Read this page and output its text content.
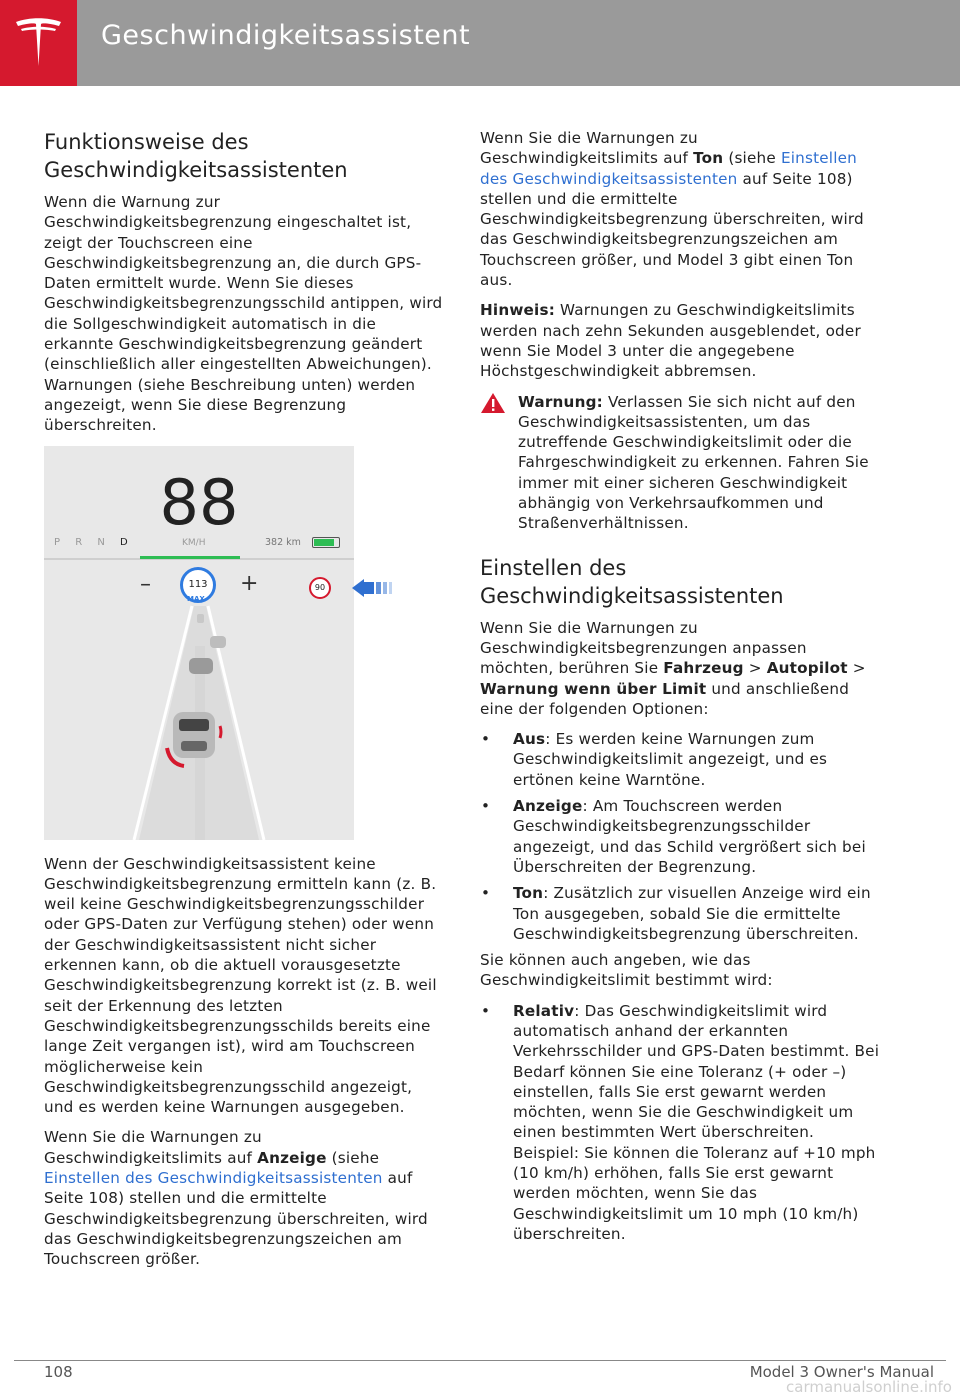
Geschwindigkeitsassistent
Funktionsweise des Geschwindigkeitsassistenten

Wenn die Warnung zur Geschwindigkeitsbegrenzung eingeschaltet ist, zeigt der Touchscreen eine Geschwindigkeitsbegrenzung an, die durch GPS-Daten ermittelt wurde. Wenn Sie dieses Geschwindigkeitsbegrenzungsschild antippen, wird die Sollgeschwindigkeit automatisch in die erkannte Geschwindigkeitsbegrenzung geändert (einschließlich aller eingestellten Abweichungen). Warnungen (siehe Beschreibung unten) werden angezeigt, wenn Sie diese Begrenzung überschreiten.

88
P R N D	KM/H	382 km
–	113
MAX
+	90

Wenn der Geschwindigkeitsassistent keine Geschwindigkeitsbegrenzung ermitteln kann (z. B. weil keine Geschwindigkeitsbegrenzungsschilder oder GPS-Daten zur Verfügung stehen) oder wenn der Geschwindigkeitsassistent nicht sicher erkennen kann, ob die aktuell vorausgesetzte Geschwindigkeitsbegrenzung korrekt ist (z. B. weil seit der Erkennung des letzten Geschwindigkeitsbegrenzungsschilds bereits eine lange Zeit vergangen ist), wird am Touchscreen möglicherweise kein Geschwindigkeitsbegrenzungsschild angezeigt, und es werden keine Warnungen ausgegeben.

Wenn Sie die Warnungen zu Geschwindigkeitslimits auf Anzeige (siehe Einstellen des Geschwindigkeitsassistenten auf Seite 108) stellen und die ermittelte Geschwindigkeitsbegrenzung überschreiten, wird das Geschwindigkeitsbegrenzungszeichen am Touchscreen größer.

Wenn Sie die Warnungen zu Geschwindigkeitslimits auf Ton (siehe Einstellen des Geschwindigkeitsassistenten auf Seite 108) stellen und die ermittelte Geschwindigkeitsbegrenzung überschreiten, wird das Geschwindigkeitsbegrenzungszeichen am Touchscreen größer, und Model 3 gibt einen Ton aus.

Hinweis: Warnungen zu Geschwindigkeitslimits werden nach zehn Sekunden ausgeblendet, oder wenn Sie Model 3 unter die angegebene Höchstgeschwindigkeit abbremsen.

Warnung: Verlassen Sie sich nicht auf den Geschwindigkeitsassistenten, um das zutreffende Geschwindigkeitslimit oder die Fahrgeschwindigkeit zu erkennen. Fahren Sie immer mit einer sicheren Geschwindigkeit abhängig von Verkehrsaufkommen und Straßenverhältnissen.

Einstellen des Geschwindigkeitsassistenten

Wenn Sie die Warnungen zu Geschwindigkeitsbegrenzungen anpassen möchten, berühren Sie Fahrzeug > Autopilot > Warnung wenn über Limit und anschließend eine der folgenden Optionen:

• Aus: Es werden keine Warnungen zum Geschwindigkeitslimit angezeigt, und es ertönen keine Warntöne.
• Anzeige: Am Touchscreen werden Geschwindigkeitsbegrenzungsschilder angezeigt, und das Schild vergrößert sich bei Überschreiten der Begrenzung.
• Ton: Zusätzlich zur visuellen Anzeige wird ein Ton ausgegeben, sobald Sie die ermittelte Geschwindigkeitsbegrenzung überschreiten.

Sie können auch angeben, wie das Geschwindigkeitslimit bestimmt wird:

• Relativ: Das Geschwindigkeitslimit wird automatisch anhand der erkannten Verkehrsschilder und GPS-Daten bestimmt. Bei Bedarf können Sie eine Toleranz (+ oder –) einstellen, falls Sie erst gewarnt werden möchten, wenn Sie die Geschwindigkeit um einen bestimmten Wert überschreiten. Beispiel: Sie können die Toleranz auf +10 mph (10 km/h) erhöhen, falls Sie erst gewarnt werden möchten, wenn Sie das Geschwindigkeitslimit um 10 mph (10 km/h) überschreiten.
108	Model 3 Owner's Manual
carmanualsonline.info
